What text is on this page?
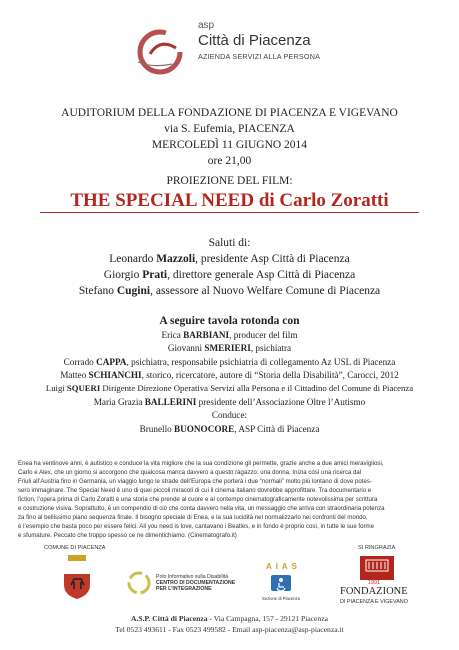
asp
Città di Piacenza
AZIENDA SERVIZI ALLA PERSONA
AUDITORIUM DELLA FONDAZIONE DI PIACENZA E VIGEVANO
via S. Eufemia, PIACENZA
MERCOLEDÌ 11 GIUGNO 2014
ore 21,00
PROIEZIONE DEL FILM:
THE SPECIAL NEED di Carlo Zoratti
Saluti di:
Leonardo Mazzoli, presidente Asp Città di Piacenza
Giorgio Prati, direttore generale Asp Città di Piacenza
Stefano Cugini, assessore al Nuovo Welfare Comune di Piacenza
A seguire tavola rotonda con
Erica BARBIANI, producer del film
Giovanni SMERIERI, psichiatra
Corrado CAPPA, psichiatra, responsabile psichiatria di collegamento Az USL di Piacenza
Matteo SCHIANCHI, storico, ricercatore, autore di “Storia della Disabilità”, Carocci, 2012
Luigi SQUERI Dirigente Direzione Operativa Servizi alla Persona e il Cittadino del Comune di Piacenza
Maria Grazia BALLERINI presidente dell’Associazione Oltre l’Autismo
Conduce:
Brunello BUONOCORE, ASP Città di Piacenza
Enea ha ventinove anni, è autistico e conduce la vita migliore che la sua condizione gli permette, grazie anche a due amici meravigliosi,
Carlo e Alex, che un giorno si accorgono che qualcosa manca davvero a questo ragazzo: una donna. Inizia così una ricerca dal
Friuli all’Austria fino in Germania, un viaggio lungo le strade dell’Europa che porterà i due “normali” molto più lontano di dove potes-
sero immaginare. The Special Need è uno di quei piccoli miracoli di cui il cinema italiano dovrebbe approfittare. Tra documentario e
fiction, l’opera prima di Carlo Zoratti è una storia che prende al cuore e al contempo cinematograficamente notevolissima per scrittura
e costruzione visiva. Soprattutto, è un compendio di ciò che conta davvero nella vita, un messaggio che arriva con straordinaria potenza
za fino al bellissimo piano sequenza finale. Il bisogno speciale di Enea, e la sua lucidità nel normalizzarlo nei confronti del mondo,
è l’esempio che basta poco per essere felici. All you need is love, cantavano i Beatles, e in fondo è proprio così, in tutte le sue forme
e sfumature. Peccato che troppo spesso ce ne dimentichiamo. (Cinematografo.it)
COMUNE DI PIACENZA
Polo Informativo sulla Disabilità
CENTRO DI DOCUMENTAZIONE
PER L’INTEGRAZIONE
A I A S
Sezione di Piacenza
SI RINGRAZIA
1991
FONDAZIONE
DI PIACENZA E VIGEVANO
A.S.P. Città di Piacenza - Via Campagna, 157 - 29121 Piacenza
Tel 0523 493611 - Fax 0523 499582 - Email asp-piacenza@asp-piacenza.it
